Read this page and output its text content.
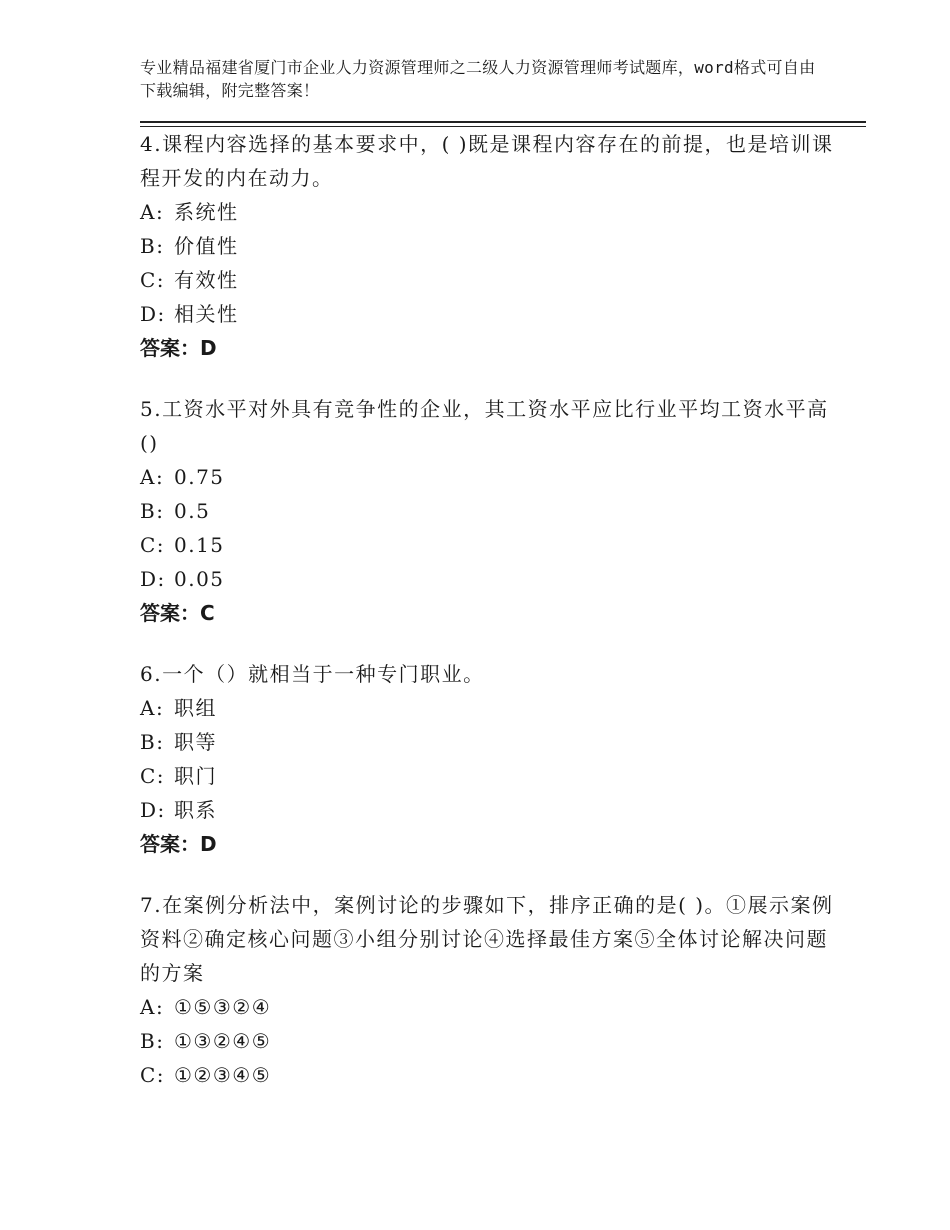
专业精品福建省厦门市企业人力资源管理师之二级人力资源管理师考试题库，word格式可自由下载编辑，附完整答案！

4.课程内容选择的基本要求中，( )既是课程内容存在的前提，也是培训课程开发的内在动力。

A: 系统性
B: 价值性
C: 有效性
D: 相关性
答案：D

5.工资水平对外具有竞争性的企业，其工资水平应比行业平均工资水平高()

A: 0.75
B: 0.5
C: 0.15
D: 0.05
答案：C

6.一个（）就相当于一种专门职业。

A: 职组
B: 职等
C: 职门
D: 职系
答案：D

7.在案例分析法中，案例讨论的步骤如下，排序正确的是( )。①展示案例资料②确定核心问题③小组分别讨论④选择最佳方案⑤全体讨论解决问题的方案

A: ①⑤③②④
B: ①③②④⑤
C: ①②③④⑤
